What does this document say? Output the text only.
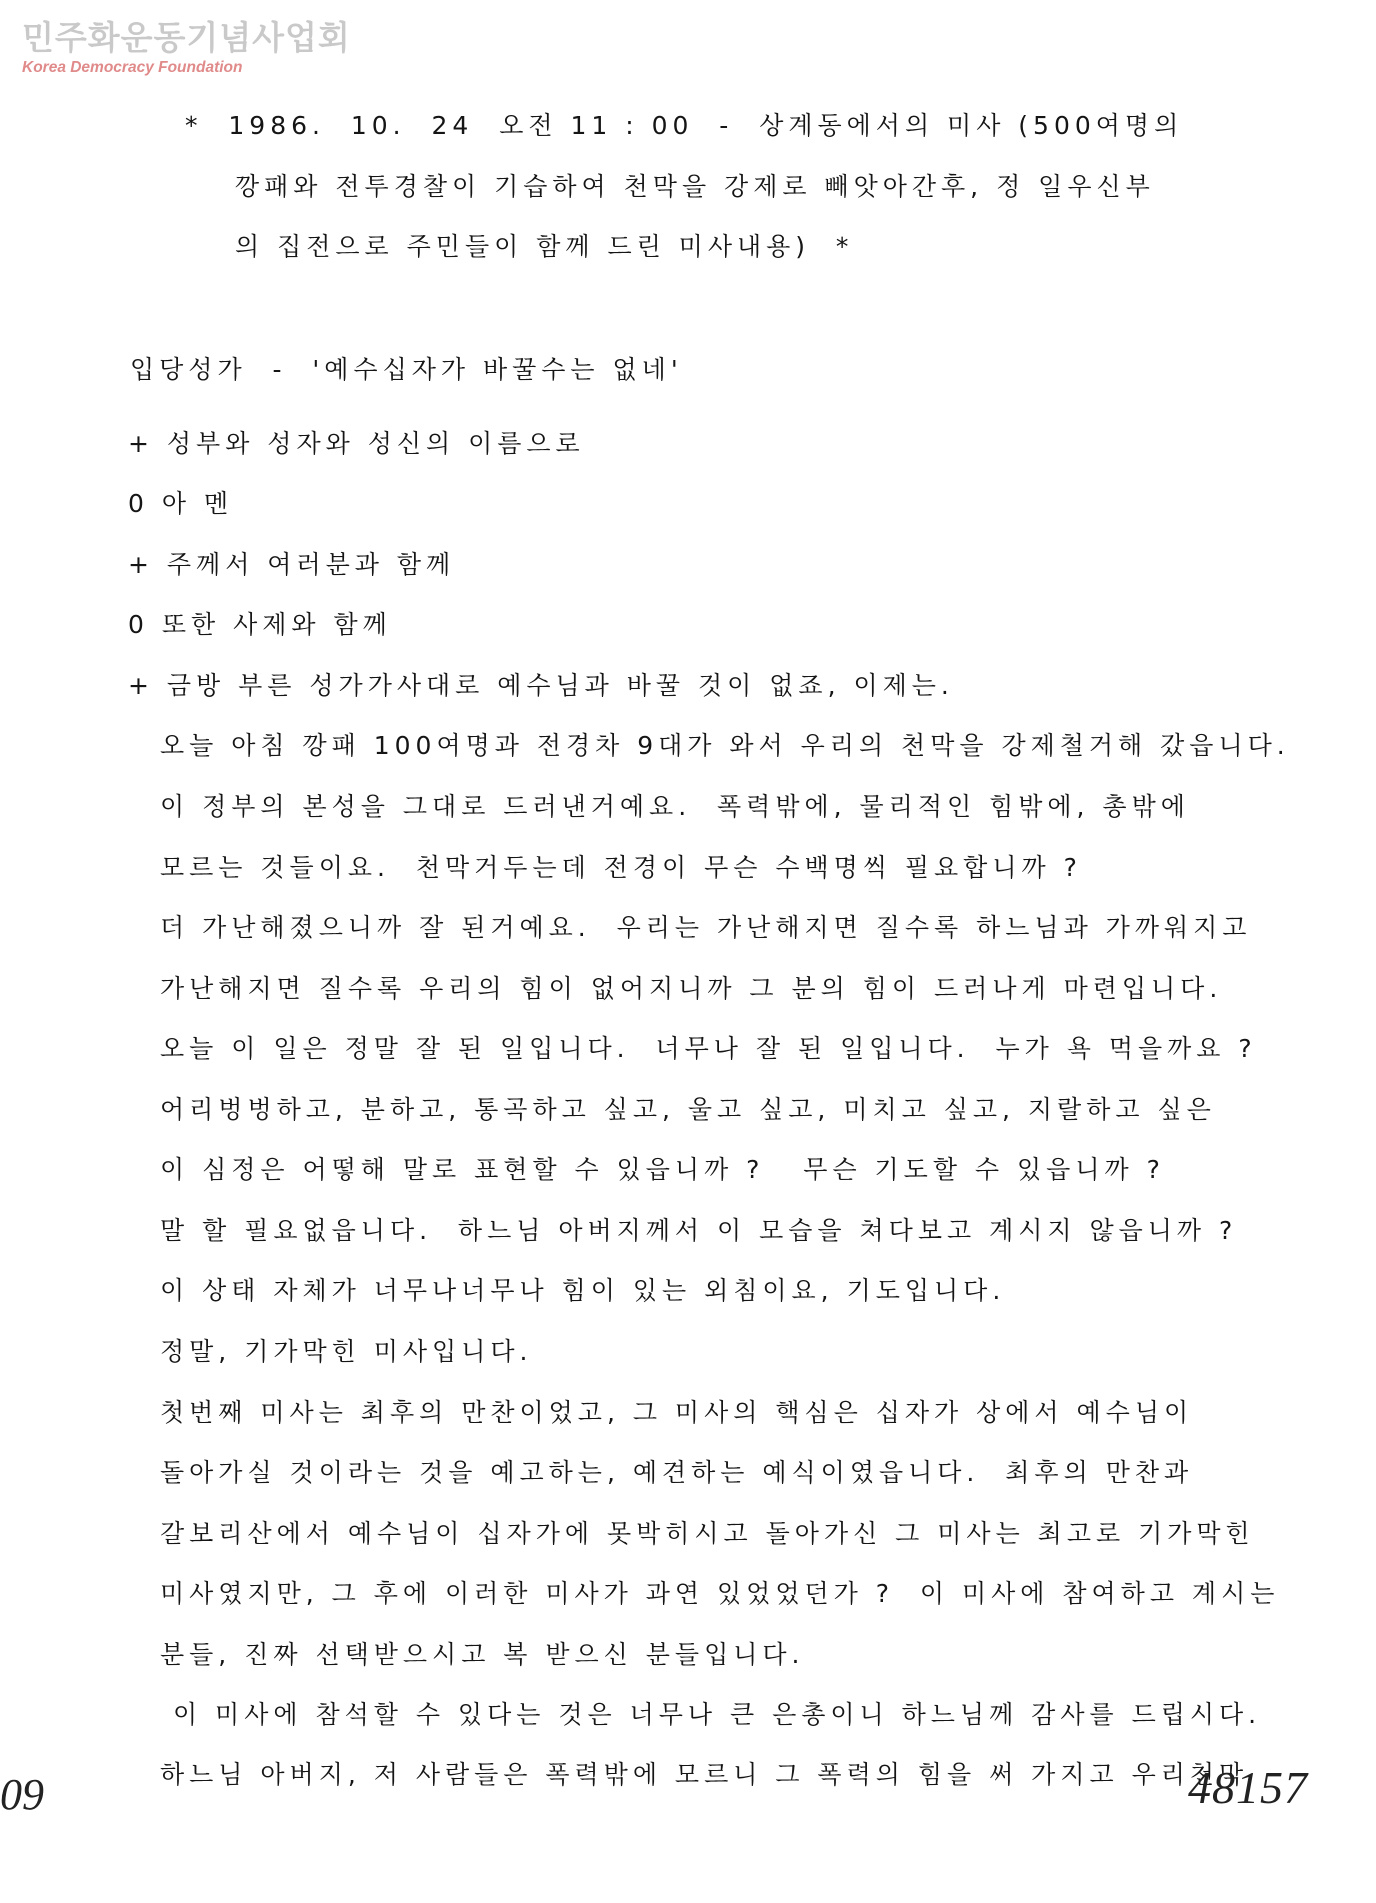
민주화운동기념사업회
Korea Democracy Foundation
*  1986.  10.  24  오전 11 : 00  -  상계동에서의 미사 (500여명의
깡패와 전투경찰이 기습하여 천막을 강제로 빼앗아간후, 정 일우신부
의 집전으로 주민들이 함께 드린 미사내용)  *
입당성가  -  '예수십자가 바꿀수는 없네'
+ 성부와 성자와 성신의 이름으로
0 아 멘
+ 주께서 여러분과 함께
0 또한 사제와 함께
+ 금방 부른 성가가사대로 예수님과 바꿀 것이 없죠, 이제는.
오늘 아침 깡패 100여명과 전경차 9대가 와서 우리의 천막을 강제철거해 갔읍니다.
이 정부의 본성을 그대로 드러낸거예요.  폭력밖에, 물리적인 힘밖에, 총밖에
모르는 것들이요.  천막거두는데 전경이 무슨 수백명씩 필요합니까 ?
더 가난해졌으니까 잘 된거예요.  우리는 가난해지면 질수록 하느님과 가까워지고
가난해지면 질수록 우리의 힘이 없어지니까 그 분의 힘이 드러나게 마련입니다.
오늘 이 일은 정말 잘 된 일입니다.  너무나 잘 된 일입니다.  누가 욕 먹을까요 ?
어리벙벙하고, 분하고, 통곡하고 싶고, 울고 싶고, 미치고 싶고, 지랄하고 싶은
이 심정은 어떻해 말로 표현할 수 있읍니까 ?   무슨 기도할 수 있읍니까 ?
말 할 필요없읍니다.  하느님 아버지께서 이 모습을 쳐다보고 계시지 않읍니까 ?
이 상태 자체가 너무나너무나 힘이 있는 외침이요, 기도입니다.
정말, 기가막힌 미사입니다.
첫번째 미사는 최후의 만찬이었고, 그 미사의 핵심은 십자가 상에서 예수님이
돌아가실 것이라는 것을 예고하는, 예견하는 예식이였읍니다.  최후의 만찬과
갈보리산에서 예수님이 십자가에 못박히시고 돌아가신 그 미사는 최고로 기가막힌
미사였지만, 그 후에 이러한 미사가 과연 있었었던가 ?  이 미사에 참여하고 계시는
분들, 진짜 선택받으시고 복 받으신 분들입니다.
이 미사에 참석할 수 있다는 것은 너무나 큰 은총이니 하느님께 감사를 드립시다.
하느님 아버지, 저 사람들은 폭력밖에 모르니 그 폭력의 힘을 써 가지고 우리천막
09	48157
